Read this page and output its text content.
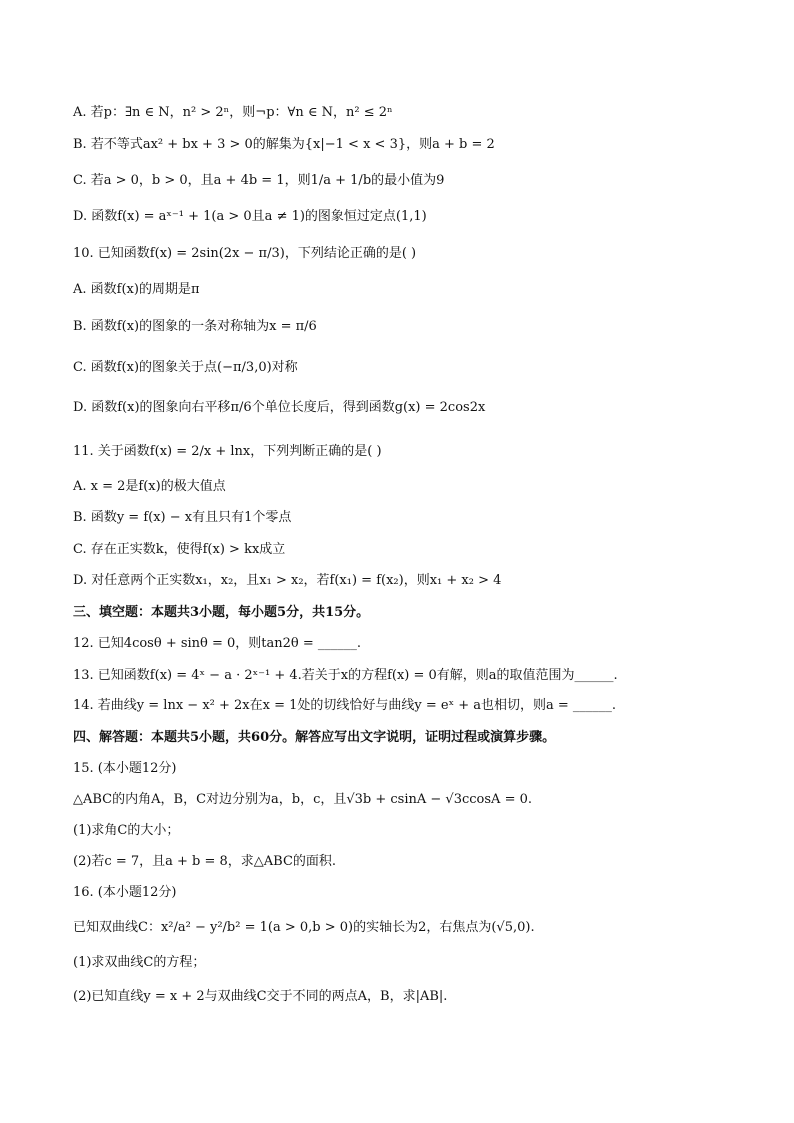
A. 若p：∃n ∈ N，n² > 2ⁿ，则¬p：∀n ∈ N，n² ≤ 2ⁿ
B. 若不等式ax² + bx + 3 > 0的解集为{x|−1 < x < 3}，则a + b = 2
C. 若a > 0，b > 0，且a + 4b = 1，则1/a + 1/b的最小值为9
D. 函数f(x) = aˣ⁻¹ + 1(a > 0且a ≠ 1)的图象恒过定点(1,1)
10. 已知函数f(x) = 2sin(2x − π/3)，下列结论正确的是( )
A. 函数f(x)的周期是π
B. 函数f(x)的图象的一条对称轴为x = π/6
C. 函数f(x)的图象关于点(−π/3,0)对称
D. 函数f(x)的图象向右平移π/6个单位长度后，得到函数g(x) = 2cos2x
11. 关于函数f(x) = 2/x + lnx，下列判断正确的是( )
A. x = 2是f(x)的极大值点
B. 函数y = f(x) − x有且只有1个零点
C. 存在正实数k，使得f(x) > kx成立
D. 对任意两个正实数x₁，x₂，且x₁ > x₂，若f(x₁) = f(x₂)，则x₁ + x₂ > 4
三、填空题：本题共3小题，每小题5分，共15分。
12. 已知4cosθ + sinθ = 0，则tan2θ = ______.
13. 已知函数f(x) = 4ˣ − a · 2ˣ⁻¹ + 4.若关于x的方程f(x) = 0有解，则a的取值范围为______.
14. 若曲线y = lnx − x² + 2x在x = 1处的切线恰好与曲线y = eˣ + a也相切，则a = ______.
四、解答题：本题共5小题，共60分。解答应写出文字说明，证明过程或演算步骤。
15. (本小题12分)
△ABC的内角A，B，C对边分别为a，b，c，且√3b + csinA − √3ccosA = 0.
(1)求角C的大小；
(2)若c = 7，且a + b = 8，求△ABC的面积.
16. (本小题12分)
已知双曲线C：x²/a² − y²/b² = 1(a > 0,b > 0)的实轴长为2，右焦点为(√5,0).
(1)求双曲线C的方程；
(2)已知直线y = x + 2与双曲线C交于不同的两点A，B，求|AB|.
